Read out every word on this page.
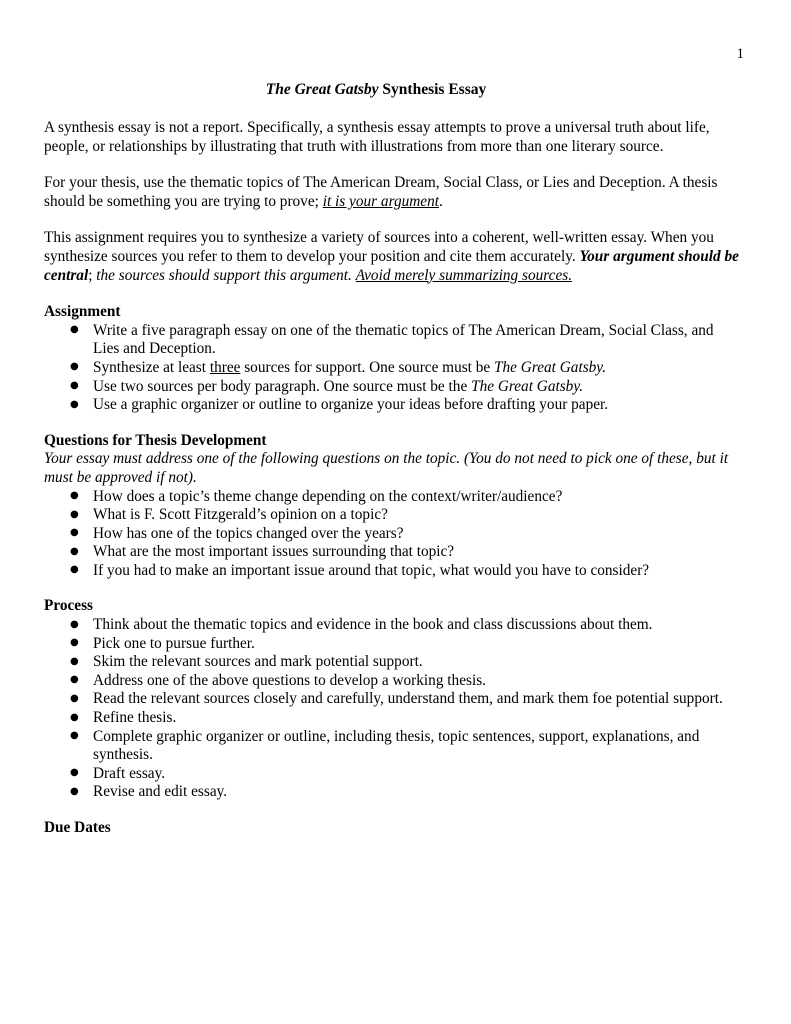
1
The Great Gatsby Synthesis Essay

A synthesis essay is not a report. Specifically, a synthesis essay attempts to prove a universal truth about life, people, or relationships by illustrating that truth with illustrations from more than one literary source.

For your thesis, use the thematic topics of The American Dream, Social Class, or Lies and Deception. A thesis should be something you are trying to prove; it is your argument.

This assignment requires you to synthesize a variety of sources into a coherent, well-written essay. When you synthesize sources you refer to them to develop your position and cite them accurately. Your argument should be central; the sources should support this argument. Avoid merely summarizing sources.

Assignment
● Write a five paragraph essay on one of the thematic topics of The American Dream, Social Class, and Lies and Deception.
● Synthesize at least three sources for support. One source must be The Great Gatsby.
● Use two sources per body paragraph. One source must be the The Great Gatsby.
● Use a graphic organizer or outline to organize your ideas before drafting your paper.
Questions for Thesis Development

Your essay must address one of the following questions on the topic. (You do not need to pick one of these, but it must be approved if not).

● How does a topic’s theme change depending on the context/writer/audience?
● What is F. Scott Fitzgerald’s opinion on a topic?
● How has one of the topics changed over the years?
● What are the most important issues surrounding that topic?
● If you had to make an important issue around that topic, what would you have to consider?
Process
● Think about the thematic topics and evidence in the book and class discussions about them.
● Pick one to pursue further.
● Skim the relevant sources and mark potential support.
● Address one of the above questions to develop a working thesis.
● Read the relevant sources closely and carefully, understand them, and mark them foe potential support.
● Refine thesis.
● Complete graphic organizer or outline, including thesis, topic sentences, support, explanations, and synthesis.
● Draft essay.
● Revise and edit essay.
Due Dates
